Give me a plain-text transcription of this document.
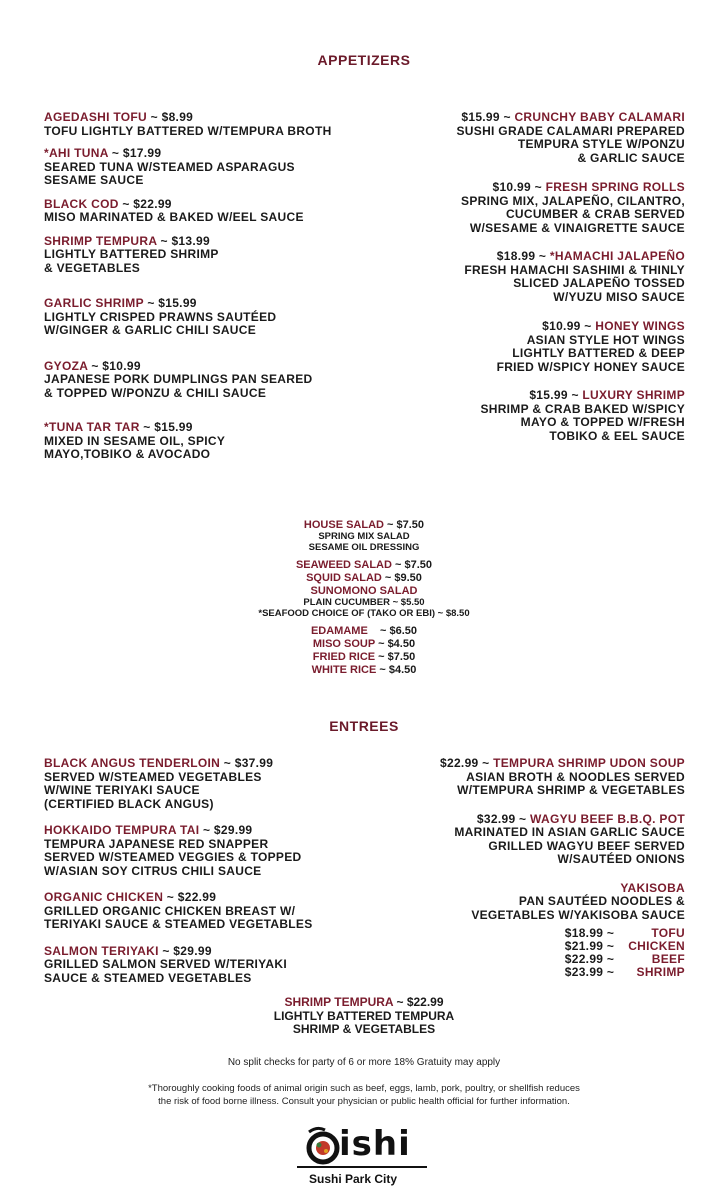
APPETIZERS
AGEDASHI TOFU ~ $8.99
TOFU LIGHTLY BATTERED W/TEMPURA BROTH
*AHI TUNA ~ $17.99
SEARED TUNA W/STEAMED ASPARAGUS
SESAME SAUCE
BLACK COD ~ $22.99
MISO MARINATED & BAKED W/EEL SAUCE
SHRIMP TEMPURA ~ $13.99
LIGHTLY BATTERED SHRIMP
& VEGETABLES
GARLIC SHRIMP ~ $15.99
LIGHTLY CRISPED PRAWNS SAUTÉED
W/GINGER & GARLIC CHILI SAUCE
GYOZA ~ $10.99
JAPANESE PORK DUMPLINGS PAN SEARED
& TOPPED W/PONZU & CHILI SAUCE
*TUNA TAR TAR ~ $15.99
MIXED IN SESAME OIL, SPICY
MAYO,TOBIKO & AVOCADO
$15.99 ~ CRUNCHY BABY CALAMARI
SUSHI GRADE CALAMARI PREPARED
TEMPURA STYLE W/PONZU
& GARLIC SAUCE
$10.99 ~ FRESH SPRING ROLLS
SPRING MIX, JALAPEÑO, CILANTRO,
CUCUMBER & CRAB SERVED
W/SESAME & VINAIGRETTE SAUCE
$18.99 ~ *HAMACHI JALAPEÑO
FRESH HAMACHI SASHIMI & THINLY
SLICED JALAPEÑO TOSSED
W/YUZU MISO SAUCE
$10.99 ~ HONEY WINGS
ASIAN STYLE HOT WINGS
LIGHTLY BATTERED & DEEP
FRIED W/SPICY HONEY SAUCE
$15.99 ~ LUXURY SHRIMP
SHRIMP & CRAB BAKED W/SPICY
MAYO & TOPPED W/FRESH
TOBIKO & EEL SAUCE
HOUSE SALAD ~ $7.50
SPRING MIX SALAD
SESAME OIL DRESSING
SEAWEED SALAD ~ $7.50
SQUID SALAD ~ $9.50
SUNOMONO SALAD
PLAIN CUCUMBER ~ $5.50
*SEAFOOD CHOICE OF (TAKO OR EBI) ~ $8.50
EDAMAME    ~ $6.50
MISO SOUP ~ $4.50
FRIED RICE ~ $7.50
WHITE RICE ~ $4.50
ENTREES
BLACK ANGUS TENDERLOIN ~ $37.99
SERVED W/STEAMED VEGETABLES
W/WINE TERIYAKI SAUCE
(CERTIFIED BLACK ANGUS)
HOKKAIDO TEMPURA TAI ~ $29.99
TEMPURA JAPANESE RED SNAPPER
SERVED W/STEAMED VEGGIES & TOPPED
W/ASIAN SOY CITRUS CHILI SAUCE
ORGANIC CHICKEN ~ $22.99
GRILLED ORGANIC CHICKEN BREAST W/
TERIYAKI SAUCE & STEAMED VEGETABLES
SALMON TERIYAKI ~ $29.99
GRILLED SALMON SERVED W/TERIYAKI
SAUCE & STEAMED VEGETABLES
$22.99 ~ TEMPURA SHRIMP UDON SOUP
ASIAN BROTH & NOODLES SERVED
W/TEMPURA SHRIMP & VEGETABLES
$32.99 ~ WAGYU BEEF B.B.Q. POT
MARINATED IN ASIAN GARLIC SAUCE
GRILLED WAGYU BEEF SERVED
W/SAUTÉED ONIONS
YAKISOBA
PAN SAUTÉED NOODLES &
VEGETABLES W/YAKISOBA SAUCE
$18.99 ~	TOFU
$21.99 ~	CHICKEN
$22.99 ~	BEEF
$23.99 ~	SHRIMP
SHRIMP TEMPURA ~ $22.99
LIGHTLY BATTERED TEMPURA
SHRIMP & VEGETABLES
No split checks for party of 6 or more 18% Gratuity may apply
*Thoroughly cooking foods of animal origin such as beef, eggs, lamb, pork, poultry, or shellfish reduces
the risk of food borne illness. Consult your physician or public health official for further information.
ishi
Sushi Park City
